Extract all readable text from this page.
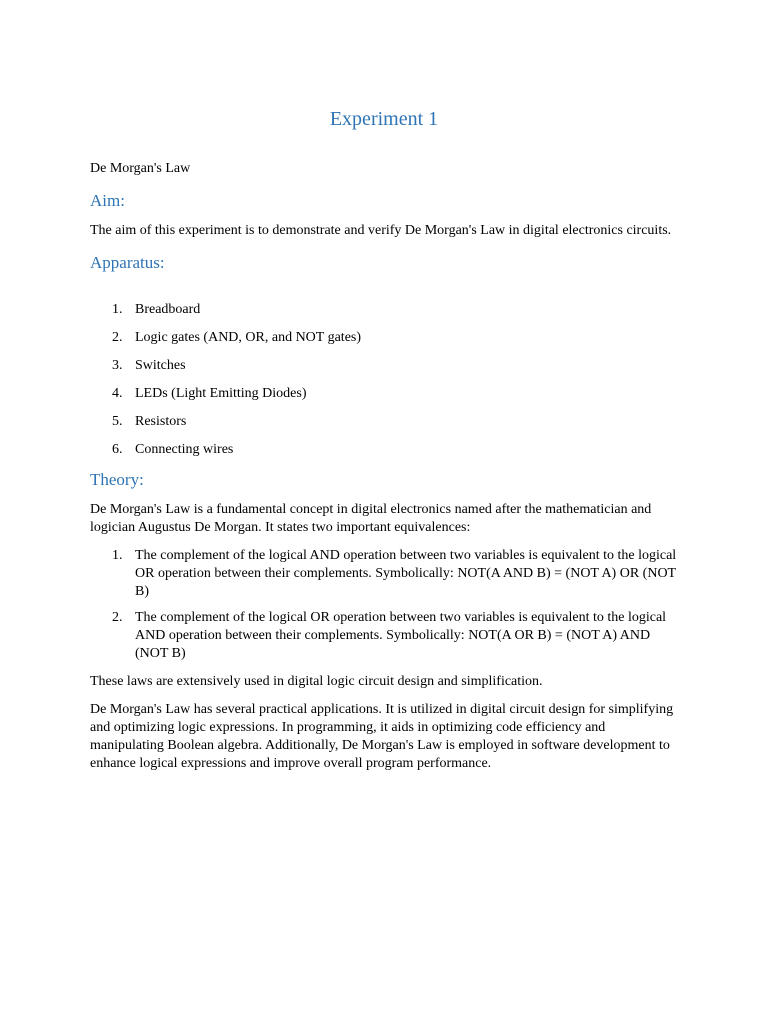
Experiment 1

De Morgan's Law

Aim:

The aim of this experiment is to demonstrate and verify De Morgan's Law in digital electronics circuits.

Apparatus:
1. Breadboard
2. Logic gates (AND, OR, and NOT gates)
3. Switches
4. LEDs (Light Emitting Diodes)
5. Resistors
6. Connecting wires
Theory:

De Morgan's Law is a fundamental concept in digital electronics named after the mathematician and logician Augustus De Morgan. It states two important equivalences:

1. The complement of the logical AND operation between two variables is equivalent to the logical OR operation between their complements. Symbolically: NOT(A AND B) = (NOT A) OR (NOT B)
2. The complement of the logical OR operation between two variables is equivalent to the logical AND operation between their complements. Symbolically: NOT(A OR B) = (NOT A) AND (NOT B)

These laws are extensively used in digital logic circuit design and simplification.

De Morgan's Law has several practical applications. It is utilized in digital circuit design for simplifying and optimizing logic expressions. In programming, it aids in optimizing code efficiency and manipulating Boolean algebra. Additionally, De Morgan's Law is employed in software development to enhance logical expressions and improve overall program performance.
